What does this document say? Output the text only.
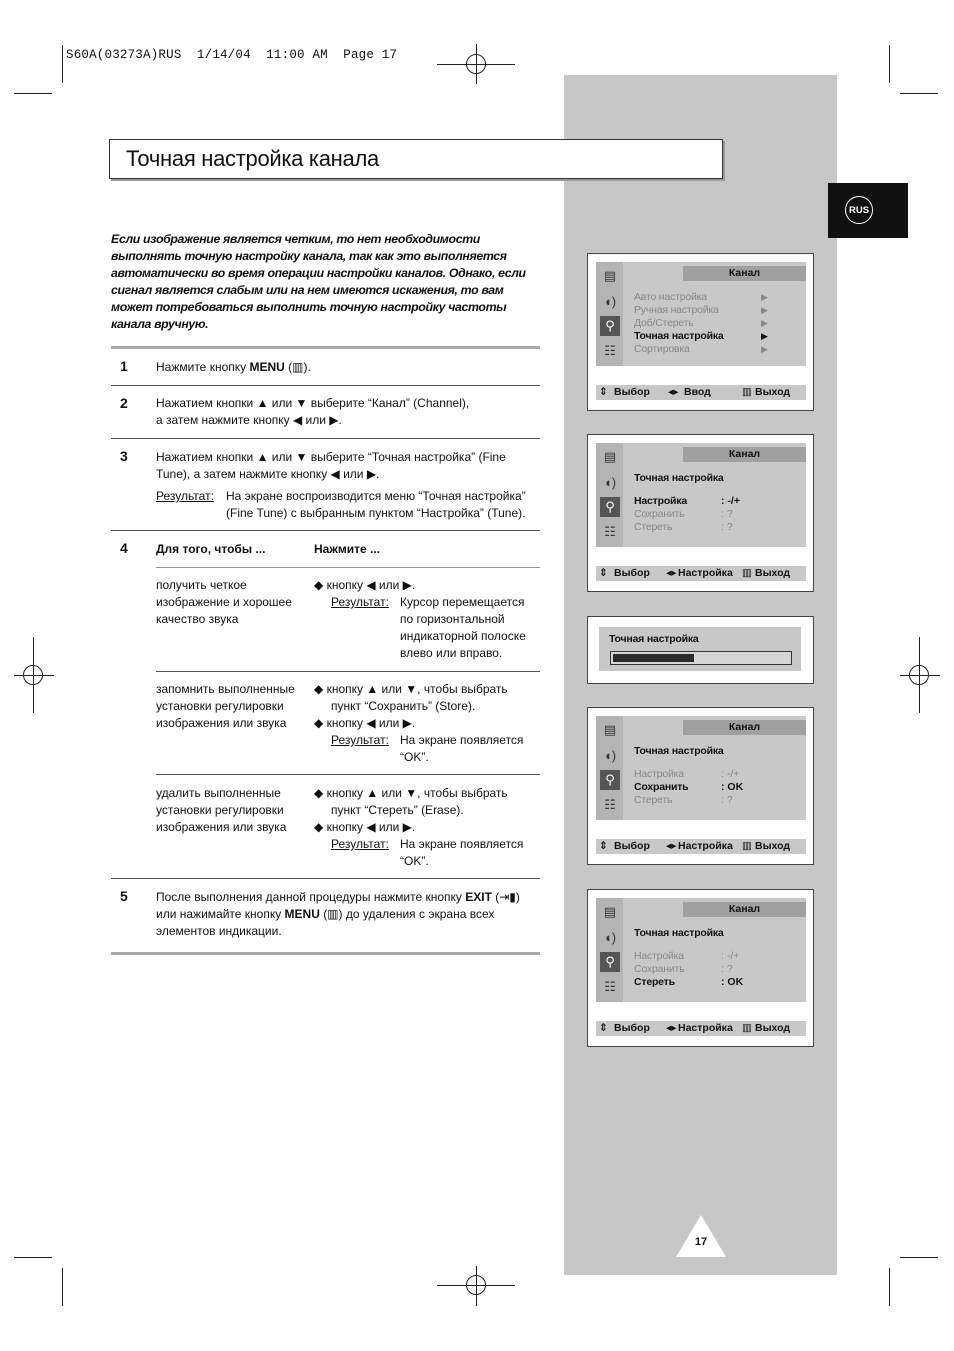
S60A(03273A)RUS  1/14/04  11:00 AM  Page 17
RUS
Точная настройка канала
Если изображение является четким, то нет необходимости выполнять точную настройку канала, так как это выполняется автоматически во время операции настройки каналов. Однако, если сигнал является слабым или на нем имеются искажения, то вам может потребоваться выполнить точную настройку частоты канала вручную.
1 Нажмите кнопку MENU (▥).
2 Нажатием кнопки ▲ или ▼ выберите “Канал” (Channel),
а затем нажмите кнопку ◀ или ▶.
3 Нажатием кнопки ▲ или ▼ выберите “Точная настройка” (Fine
Tune), а затем нажмите кнопку ◀ или ▶.
Результат: На экране воспроизводится меню “Точная настройка”
(Fine Tune) с выбранным пунктом “Настройка” (Tune).
4 Для того, чтобы ...	Нажмите ...
получить четкое
изображение и хорошее
качество звука
◆ кнопку ◀ или ▶.
Результат: Курсор перемещается
по горизонтальной
индикаторной полоске
влево или вправо.
запомнить выполненные
установки регулировки
изображения или звука
◆ кнопку ▲ или ▼, чтобы выбрать
пункт “Сохранить” (Store).
◆ кнопку ◀ или ▶.
Результат: На экране появляется
“OK”.
удалить выполненные
установки регулировки
изображения или звука
◆ кнопку ▲ или ▼, чтобы выбрать
пункт “Стереть” (Erase).
◆ кнопку ◀ или ▶.
Результат: На экране появляется
“OK”.
5 После выполнения данной процедуры нажмите кнопку EXIT (⇥▮)
или нажимайте кнопку MENU (▥) до удаления с экрана всех
элементов индикации.
▤
◖)
⚲
☷
Канал
Авто настройка	▶
Ручная настройка	▶
Доб/Стереть	▶
Точная настройка	▶
Сортировка	▶
⇕ Выбор ◂▸ Ввод	▥ Выход
▤
◖)
⚲
☷
Канал
Точная настройка
Настройка	: -/+
Сохранить	: ?
Стереть	: ?
⇕ Выбор ◂▸ Настройка ▥ Выход
Точная настройка
▤
◖)
⚲
☷
Канал
Точная настройка
Настройка	: -/+
Сохранить	: OK
Стереть	: ?
⇕ Выбор ◂▸ Настройка ▥ Выход
▤
◖)
⚲
☷
Канал
Точная настройка
Настройка	: -/+
Сохранить	: ?
Стереть	: OK
⇕ Выбор ◂▸ Настройка ▥ Выход
17
